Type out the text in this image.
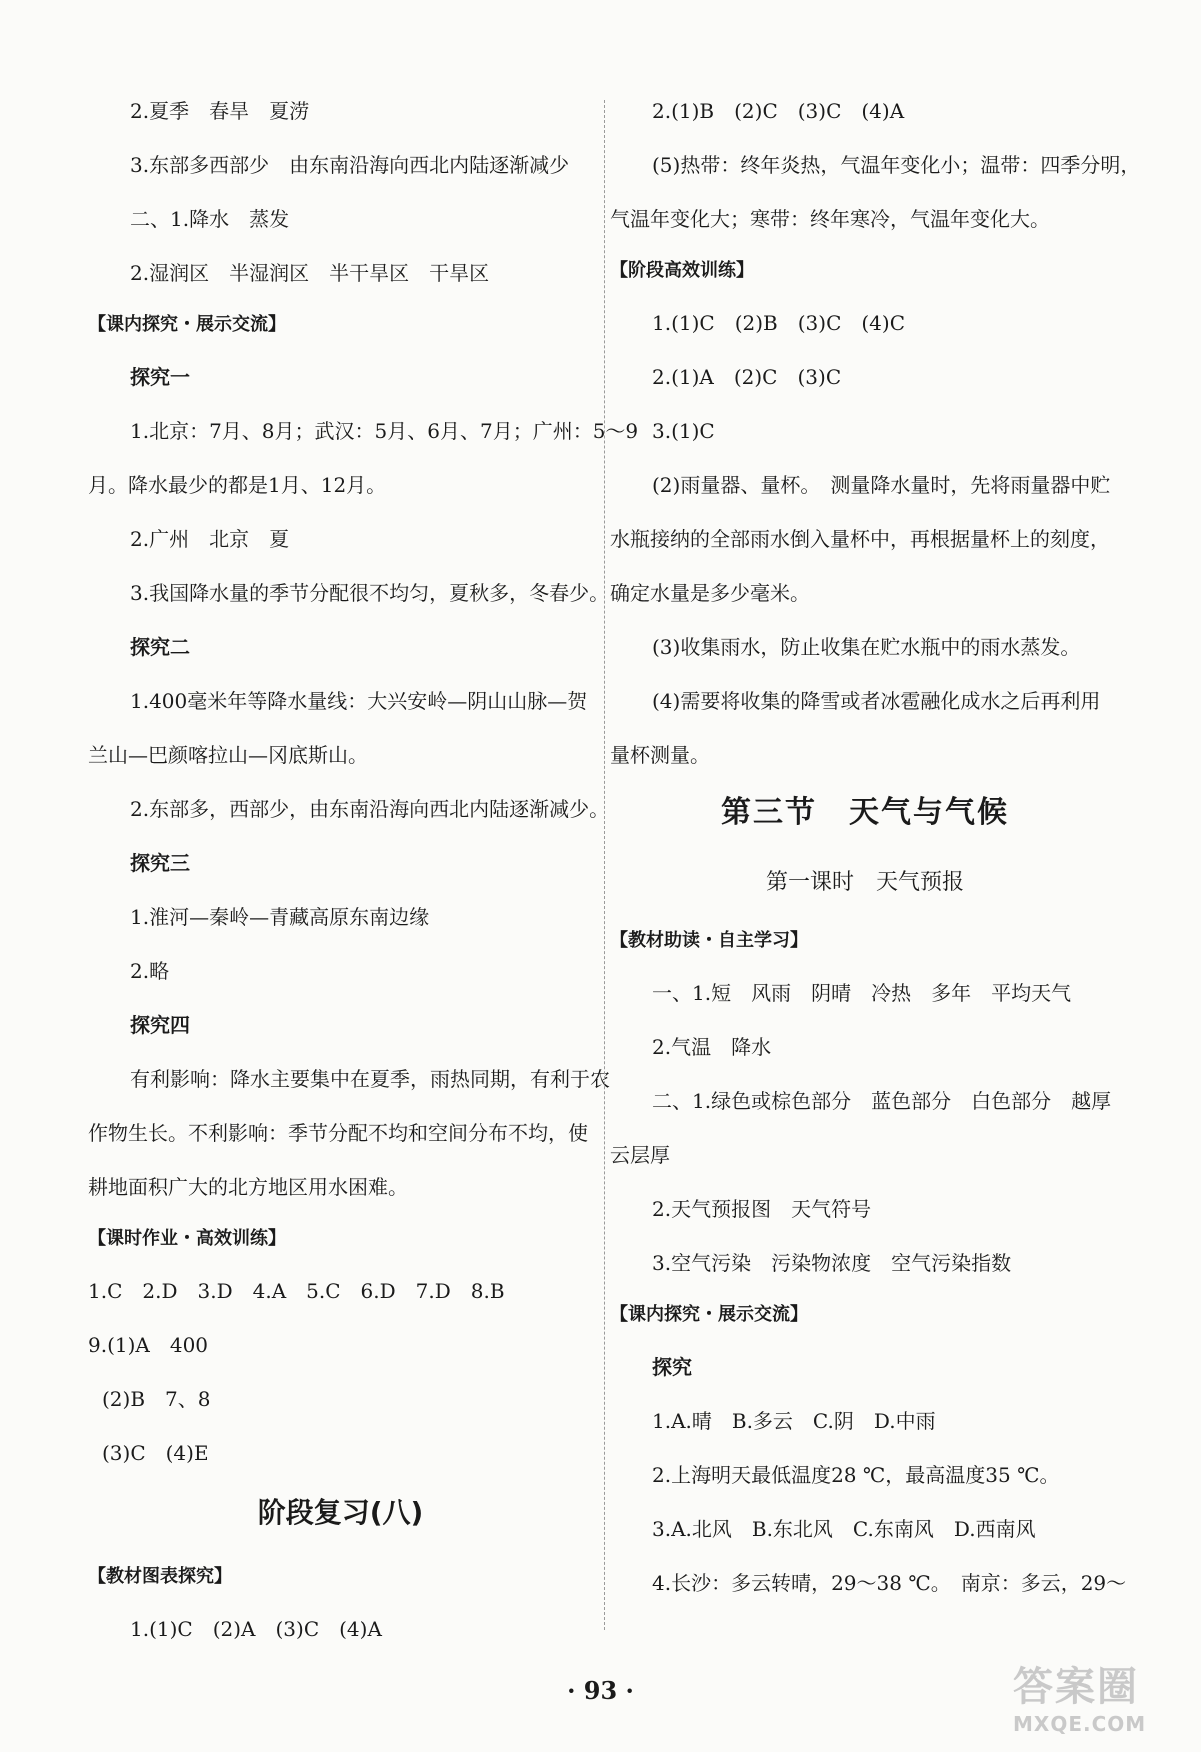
2.夏季　春旱　夏涝
3.东部多西部少　由东南沿海向西北内陆逐渐减少
二、1.降水　蒸发
2.湿润区　半湿润区　半干旱区　干旱区
【课内探究・展示交流】
探究一
1.北京：7月、8月；武汉：5月、6月、7月；广州：5～9
月。降水最少的都是1月、12月。
2.广州　北京　夏
3.我国降水量的季节分配很不均匀，夏秋多，冬春少。
探究二
1.400毫米年等降水量线：大兴安岭—阴山山脉—贺
兰山—巴颜喀拉山—冈底斯山。
2.东部多，西部少，由东南沿海向西北内陆逐渐减少。
探究三
1.淮河—秦岭—青藏高原东南边缘
2.略
探究四
有利影响：降水主要集中在夏季，雨热同期，有利于农
作物生长。不利影响：季节分配不均和空间分布不均，使
耕地面积广大的北方地区用水困难。
【课时作业・高效训练】
1.C　2.D　3.D　4.A　5.C　6.D　7.D　8.B
9.(1)A　400
(2)B　7、8
(3)C　(4)E
阶段复习(八)
【教材图表探究】
1.(1)C　(2)A　(3)C　(4)A
2.(1)B　(2)C　(3)C　(4)A
(5)热带：终年炎热，气温年变化小；温带：四季分明，
气温年变化大；寒带：终年寒冷，气温年变化大。
【阶段高效训练】
1.(1)C　(2)B　(3)C　(4)C
2.(1)A　(2)C　(3)C
3.(1)C
(2)雨量器、量杯。　测量降水量时，先将雨量器中贮
水瓶接纳的全部雨水倒入量杯中，再根据量杯上的刻度，
确定水量是多少毫米。
(3)收集雨水，防止收集在贮水瓶中的雨水蒸发。
(4)需要将收集的降雪或者冰雹融化成水之后再利用
量杯测量。
第三节　天气与气候
第一课时　天气预报
【教材助读・自主学习】
一、1.短　风雨　阴晴　冷热　多年　平均天气
2.气温　降水
二、1.绿色或棕色部分　蓝色部分　白色部分　越厚
云层厚
2.天气预报图　天气符号
3.空气污染　污染物浓度　空气污染指数
【课内探究・展示交流】
探究
1.A.晴　B.多云　C.阴　D.中雨
2.上海明天最低温度28 ℃，最高温度35 ℃。
3.A.北风　B.东北风　C.东南风　D.西南风
4.长沙：多云转晴，29～38 ℃。　南京：多云，29～
· 93 ·	答案圈
MXQE.COM
